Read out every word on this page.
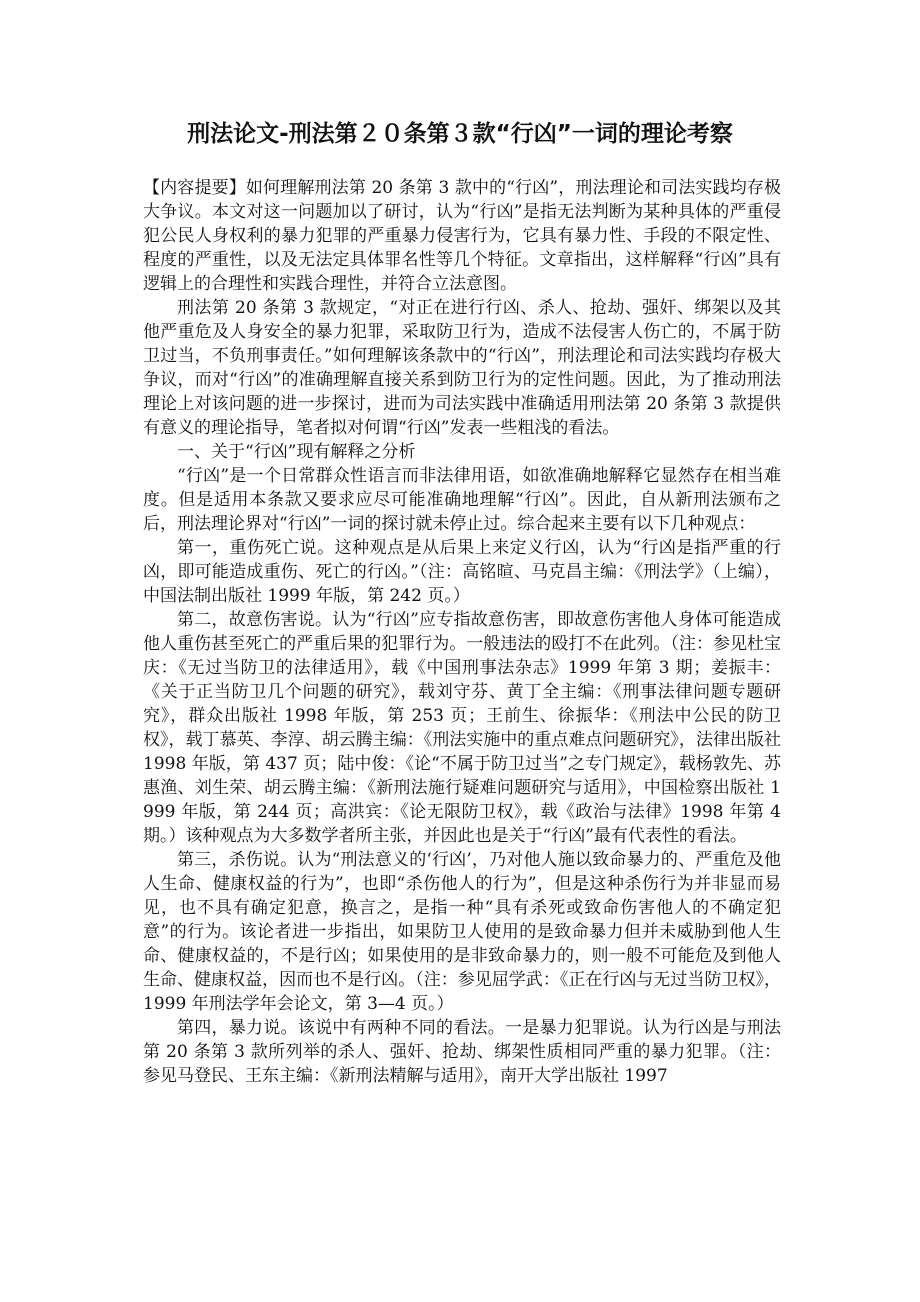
刑法论文-刑法第２０条第３款“行凶”一词的理论考察

【内容提要】如何理解刑法第 20 条第 3 款中的“行凶”，刑法理论和司法实践均存极大争议。本文对这一问题加以了研讨，认为“行凶”是指无法判断为某种具体的严重侵犯公民人身权利的暴力犯罪的严重暴力侵害行为，它具有暴力性、手段的不限定性、程度的严重性，以及无法定具体罪名性等几个特征。文章指出，这样解释“行凶”具有逻辑上的合理性和实践合理性，并符合立法意图。

刑法第 20 条第 3 款规定，“对正在进行行凶、杀人、抢劫、强奸、绑架以及其他严重危及人身安全的暴力犯罪，采取防卫行为，造成不法侵害人伤亡的，不属于防卫过当，不负刑事责任。”如何理解该条款中的“行凶”，刑法理论和司法实践均存极大争议，而对“行凶”的准确理解直接关系到防卫行为的定性问题。因此，为了推动刑法理论上对该问题的进一步探讨，进而为司法实践中准确适用刑法第 20 条第 3 款提供有意义的理论指导，笔者拟对何谓“行凶”发表一些粗浅的看法。

一、关于“行凶”现有解释之分析

“行凶”是一个日常群众性语言而非法律用语，如欲准确地解释它显然存在相当难度。但是适用本条款又要求应尽可能准确地理解“行凶”。因此，自从新刑法颁布之后，刑法理论界对“行凶”一词的探讨就未停止过。综合起来主要有以下几种观点：

第一，重伤死亡说。这种观点是从后果上来定义行凶，认为“行凶是指严重的行凶，即可能造成重伤、死亡的行凶。”（注：高铭暄、马克昌主编：《刑法学》（上编），中国法制出版社 1999 年版，第 242 页。）

第二，故意伤害说。认为“行凶”应专指故意伤害，即故意伤害他人身体可能造成他人重伤甚至死亡的严重后果的犯罪行为。一般违法的殴打不在此列。（注：参见杜宝庆：《无过当防卫的法律适用》，载《中国刑事法杂志》1999 年第 3 期；姜振丰：《关于正当防卫几个问题的研究》，载刘守芬、黄丁全主编：《刑事法律问题专题研究》，群众出版社 1998 年版，第 253 页；王前生、徐振华：《刑法中公民的防卫权》，载丁慕英、李淳、胡云腾主编：《刑法实施中的重点难点问题研究》，法律出版社 1998 年版，第 437 页；陆中俊：《论“不属于防卫过当”之专门规定》，载杨敦先、苏惠渔、刘生荣、胡云腾主编：《新刑法施行疑难问题研究与适用》，中国检察出版社 1999 年版，第 244 页；高洪宾：《论无限防卫权》，载《政治与法律》1998 年第 4 期。）该种观点为大多数学者所主张，并因此也是关于“行凶”最有代表性的看法。

第三，杀伤说。认为“刑法意义的‘行凶’，乃对他人施以致命暴力的、严重危及他人生命、健康权益的行为”，也即“杀伤他人的行为”，但是这种杀伤行为并非显而易见，也不具有确定犯意，换言之，是指一种“具有杀死或致命伤害他人的不确定犯意”的行为。该论者进一步指出，如果防卫人使用的是致命暴力但并未威胁到他人生命、健康权益的，不是行凶；如果使用的是非致命暴力的，则一般不可能危及到他人生命、健康权益，因而也不是行凶。（注：参见屈学武：《正在行凶与无过当防卫权》，1999 年刑法学年会论文，第 3—4 页。）

第四，暴力说。该说中有两种不同的看法。一是暴力犯罪说。认为行凶是与刑法第 20 条第 3 款所列举的杀人、强奸、抢劫、绑架性质相同严重的暴力犯罪。（注：参见马登民、王东主编：《新刑法精解与适用》，南开大学出版社 1997
